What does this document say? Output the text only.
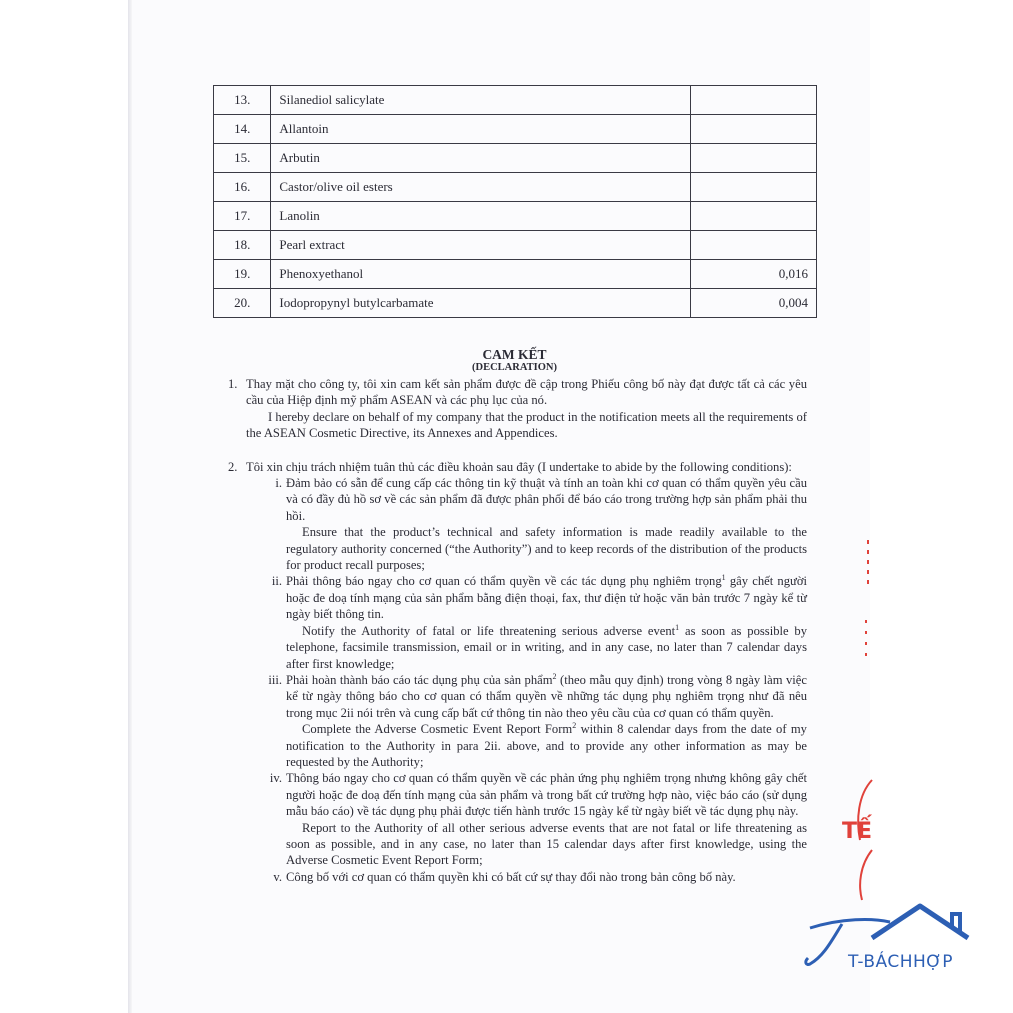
13.	Silanediol salicylate	
14.	Allantoin	
15.	Arbutin	
16.	Castor/olive oil esters	
17.	Lanolin	
18.	Pearl extract	
19.	Phenoxyethanol	0,016
20.	Iodopropynyl butylcarbamate	0,004
CAM KẾT
(DECLARATION)
1. Thay mặt cho công ty, tôi xin cam kết sản phẩm được đề cập trong Phiếu công bố này đạt được tất cả các yêu cầu của Hiệp định mỹ phẩm ASEAN và các phụ lục của nó.
I hereby declare on behalf of my company that the product in the notification meets all the requirements of the ASEAN Cosmetic Directive, its Annexes and Appendices.
2. Tôi xin chịu trách nhiệm tuân thủ các điều khoản sau đây (I undertake to abide by the following conditions):
i. Đảm bảo có sẵn để cung cấp các thông tin kỹ thuật và tính an toàn khi cơ quan có thẩm quyền yêu cầu và có đầy đủ hồ sơ về các sản phẩm đã được phân phối để báo cáo trong trường hợp sản phẩm phải thu hồi.
Ensure that the product’s technical and safety information is made readily available to the regulatory authority concerned (“the Authority”) and to keep records of the distribution of the products for product recall purposes;
ii. Phải thông báo ngay cho cơ quan có thẩm quyền về các tác dụng phụ nghiêm trọng$^1$ gây chết người hoặc đe doạ tính mạng của sản phẩm bằng điện thoại, fax, thư điện tử hoặc văn bản trước 7 ngày kể từ ngày biết thông tin.
Notify the Authority of fatal or life threatening serious adverse event$^1$ as soon as possible by telephone, facsimile transmission, email or in writing, and in any case, no later than 7 calendar days after first knowledge;
iii. Phải hoàn thành báo cáo tác dụng phụ của sản phẩm$^2$ (theo mẫu quy định) trong vòng 8 ngày làm việc kể từ ngày thông báo cho cơ quan có thẩm quyền về những tác dụng phụ nghiêm trọng như đã nêu trong mục 2ii nói trên và cung cấp bất cứ thông tin nào theo yêu cầu của cơ quan có thẩm quyền.
Complete the Adverse Cosmetic Event Report Form$^2$ within 8 calendar days from the date of my notification to the Authority in para 2ii. above, and to provide any other information as may be requested by the Authority;
iv. Thông báo ngay cho cơ quan có thẩm quyền về các phản ứng phụ nghiêm trọng nhưng không gây chết người hoặc đe doạ đến tính mạng của sản phẩm và trong bất cứ trường hợp nào, việc báo cáo (sử dụng mẫu báo cáo) về tác dụng phụ phải được tiến hành trước 15 ngày kể từ ngày biết về tác dụng phụ này.
Report to the Authority of all other serious adverse events that are not fatal or life threatening as soon as possible, and in any case, no later than 15 calendar days after first knowledge, using the Adverse Cosmetic Event Report Form;
v. Công bố với cơ quan có thẩm quyền khi có bất cứ sự thay đổi nào trong bản công bố này.
TẾ
T-BÁCHHỢP
